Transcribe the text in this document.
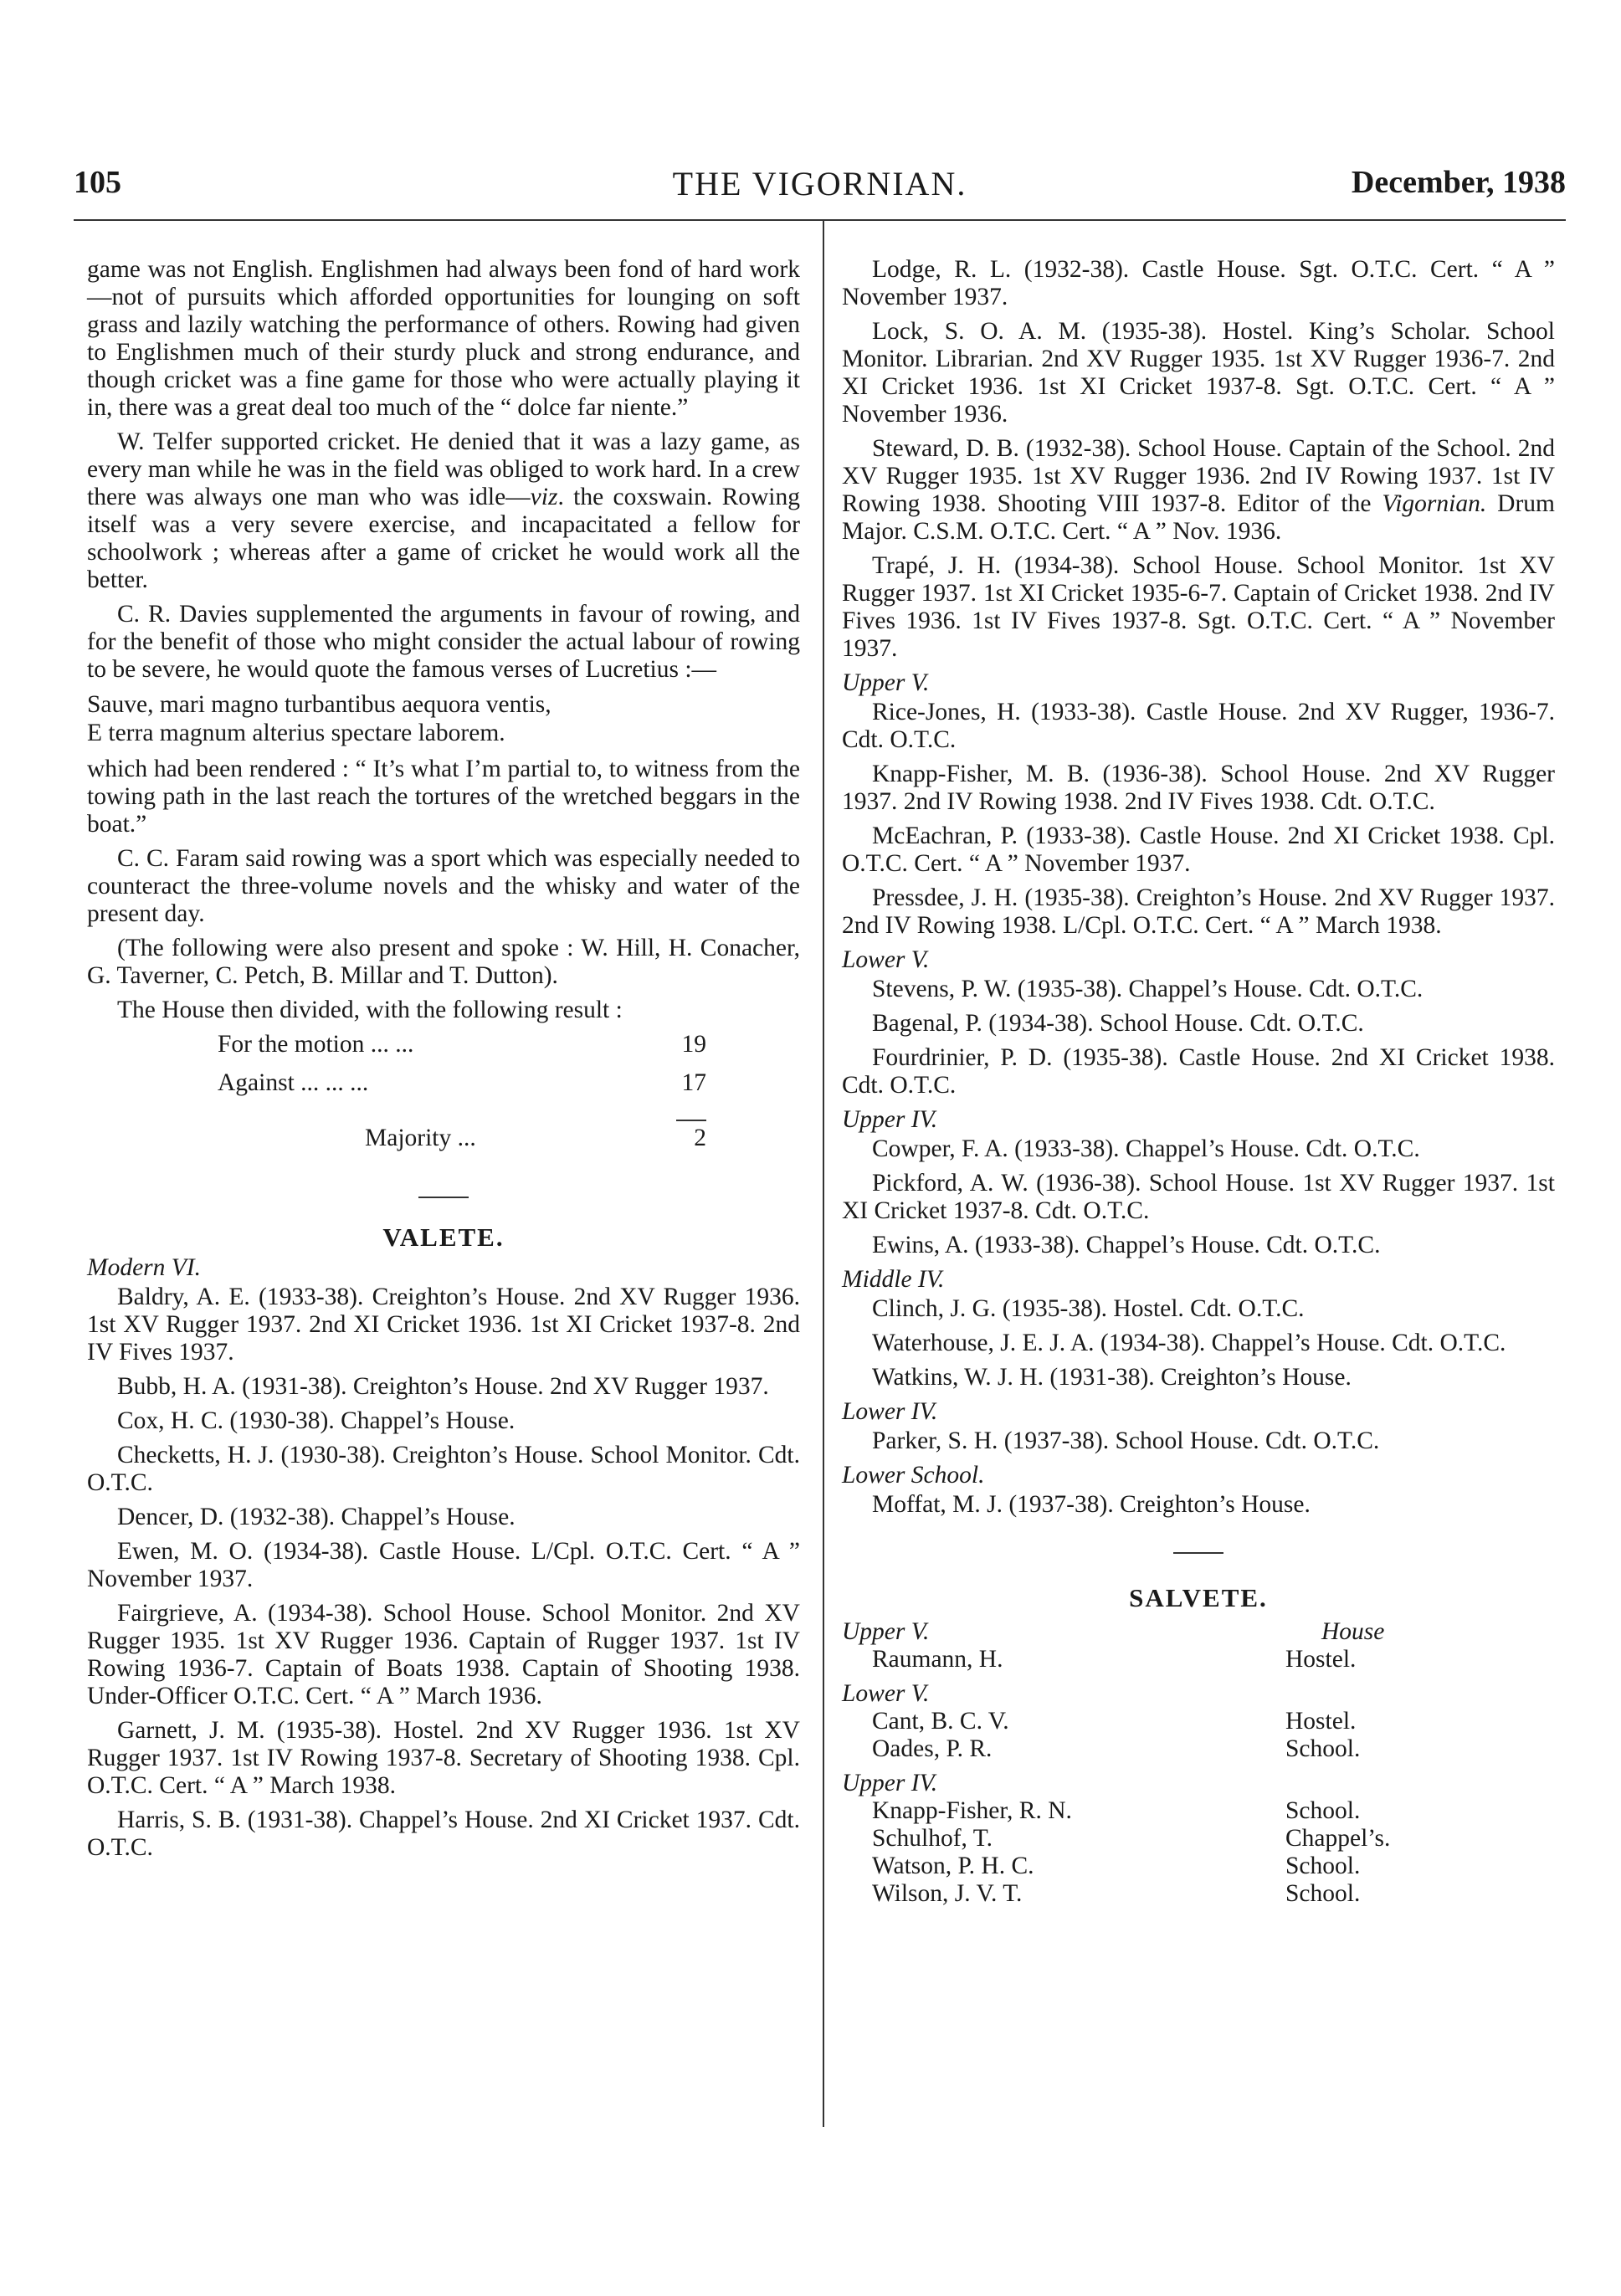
105	THE VIGORNIAN.	December, 1938

game was not English. Englishmen had always been fond of hard work—not of pursuits which afforded opportunities for lounging on soft grass and lazily watching the performance of others. Rowing had given to Englishmen much of their sturdy pluck and strong endurance, and though cricket was a fine game for those who were actually playing it in, there was a great deal too much of the “ dolce far niente.”

W. Telfer supported cricket. He denied that it was a lazy game, as every man while he was in the field was obliged to work hard. In a crew there was always one man who was idle—viz. the coxswain. Rowing itself was a very severe exercise, and incapacitated a fellow for schoolwork ; whereas after a game of cricket he would work all the better.

C. R. Davies supplemented the arguments in favour of rowing, and for the benefit of those who might consider the actual labour of rowing to be severe, he would quote the famous verses of Lucretius :—

Sauve, mari magno turbantibus aequora ventis,
E terra magnum alterius spectare laborem.

which had been rendered : “ It’s what I’m partial to, to witness from the towing path in the last reach the tortures of the wretched beggars in the boat.”

C. C. Faram said rowing was a sport which was especially needed to counteract the three-volume novels and the whisky and water of the present day.

(The following were also present and spoke : W. Hill, H. Conacher, G. Taverner, C. Petch, B. Millar and T. Dutton).

The House then divided, with the following result :

For the motion ... ...	19
Against ... ... ...	17
Majority ...	2
VALETE.
Modern VI.

Baldry, A. E. (1933-38). Creighton’s House. 2nd XV Rugger 1936. 1st XV Rugger 1937. 2nd XI Cricket 1936. 1st XI Cricket 1937-8. 2nd IV Fives 1937.

Bubb, H. A. (1931-38). Creighton’s House. 2nd XV Rugger 1937.

Cox, H. C. (1930-38). Chappel’s House.

Checketts, H. J. (1930-38). Creighton’s House. School Monitor. Cdt. O.T.C.

Dencer, D. (1932-38). Chappel’s House.

Ewen, M. O. (1934-38). Castle House. L/Cpl. O.T.C. Cert. “ A ” November 1937.

Fairgrieve, A. (1934-38). School House. School Monitor. 2nd XV Rugger 1935. 1st XV Rugger 1936. Captain of Rugger 1937. 1st IV Rowing 1936-7. Captain of Boats 1938. Captain of Shooting 1938. Under-Officer O.T.C. Cert. “ A ” March 1936.

Garnett, J. M. (1935-38). Hostel. 2nd XV Rugger 1936. 1st XV Rugger 1937. 1st IV Rowing 1937-8. Secretary of Shooting 1938. Cpl. O.T.C. Cert. “ A ” March 1938.

Harris, S. B. (1931-38). Chappel’s House. 2nd XI Cricket 1937. Cdt. O.T.C.

Lodge, R. L. (1932-38). Castle House. Sgt. O.T.C. Cert. “ A ” November 1937.

Lock, S. O. A. M. (1935-38). Hostel. King’s Scholar. School Monitor. Librarian. 2nd XV Rugger 1935. 1st XV Rugger 1936-7. 2nd XI Cricket 1936. 1st XI Cricket 1937-8. Sgt. O.T.C. Cert. “ A ” November 1936.

Steward, D. B. (1932-38). School House. Captain of the School. 2nd XV Rugger 1935. 1st XV Rugger 1936. 2nd IV Rowing 1937. 1st IV Rowing 1938. Shooting VIII 1937-8. Editor of the Vigornian. Drum Major. C.S.M. O.T.C. Cert. “ A ” Nov. 1936.

Trapé, J. H. (1934-38). School House. School Monitor. 1st XV Rugger 1937. 1st XI Cricket 1935-6-7. Captain of Cricket 1938. 2nd IV Fives 1936. 1st IV Fives 1937-8. Sgt. O.T.C. Cert. “ A ” November 1937.

Upper V.

Rice-Jones, H. (1933-38). Castle House. 2nd XV Rugger, 1936-7. Cdt. O.T.C.

Knapp-Fisher, M. B. (1936-38). School House. 2nd XV Rugger 1937. 2nd IV Rowing 1938. 2nd IV Fives 1938. Cdt. O.T.C.

McEachran, P. (1933-38). Castle House. 2nd XI Cricket 1938. Cpl. O.T.C. Cert. “ A ” November 1937.

Pressdee, J. H. (1935-38). Creighton’s House. 2nd XV Rugger 1937. 2nd IV Rowing 1938. L/Cpl. O.T.C. Cert. “ A ” March 1938.

Lower V.

Stevens, P. W. (1935-38). Chappel’s House. Cdt. O.T.C.

Bagenal, P. (1934-38). School House. Cdt. O.T.C.

Fourdrinier, P. D. (1935-38). Castle House. 2nd XI Cricket 1938. Cdt. O.T.C.

Upper IV.

Cowper, F. A. (1933-38). Chappel’s House. Cdt. O.T.C.

Pickford, A. W. (1936-38). School House. 1st XV Rugger 1937. 1st XI Cricket 1937-8. Cdt. O.T.C.

Ewins, A. (1933-38). Chappel’s House. Cdt. O.T.C.

Middle IV.

Clinch, J. G. (1935-38). Hostel. Cdt. O.T.C.

Waterhouse, J. E. J. A. (1934-38). Chappel’s House. Cdt. O.T.C.

Watkins, W. J. H. (1931-38). Creighton’s House.

Lower IV.

Parker, S. H. (1937-38). School House. Cdt. O.T.C.

Lower School.

Moffat, M. J. (1937-38). Creighton’s House.

SALVETE.
Upper V.	House
Raumann, H.	Hostel.
Lower V.
Cant, B. C. V.	Hostel.
Oades, P. R.	School.
Upper IV.
Knapp-Fisher, R. N.	School.
Schulhof, T.	Chappel’s.
Watson, P. H. C.	School.
Wilson, J. V. T.	School.
